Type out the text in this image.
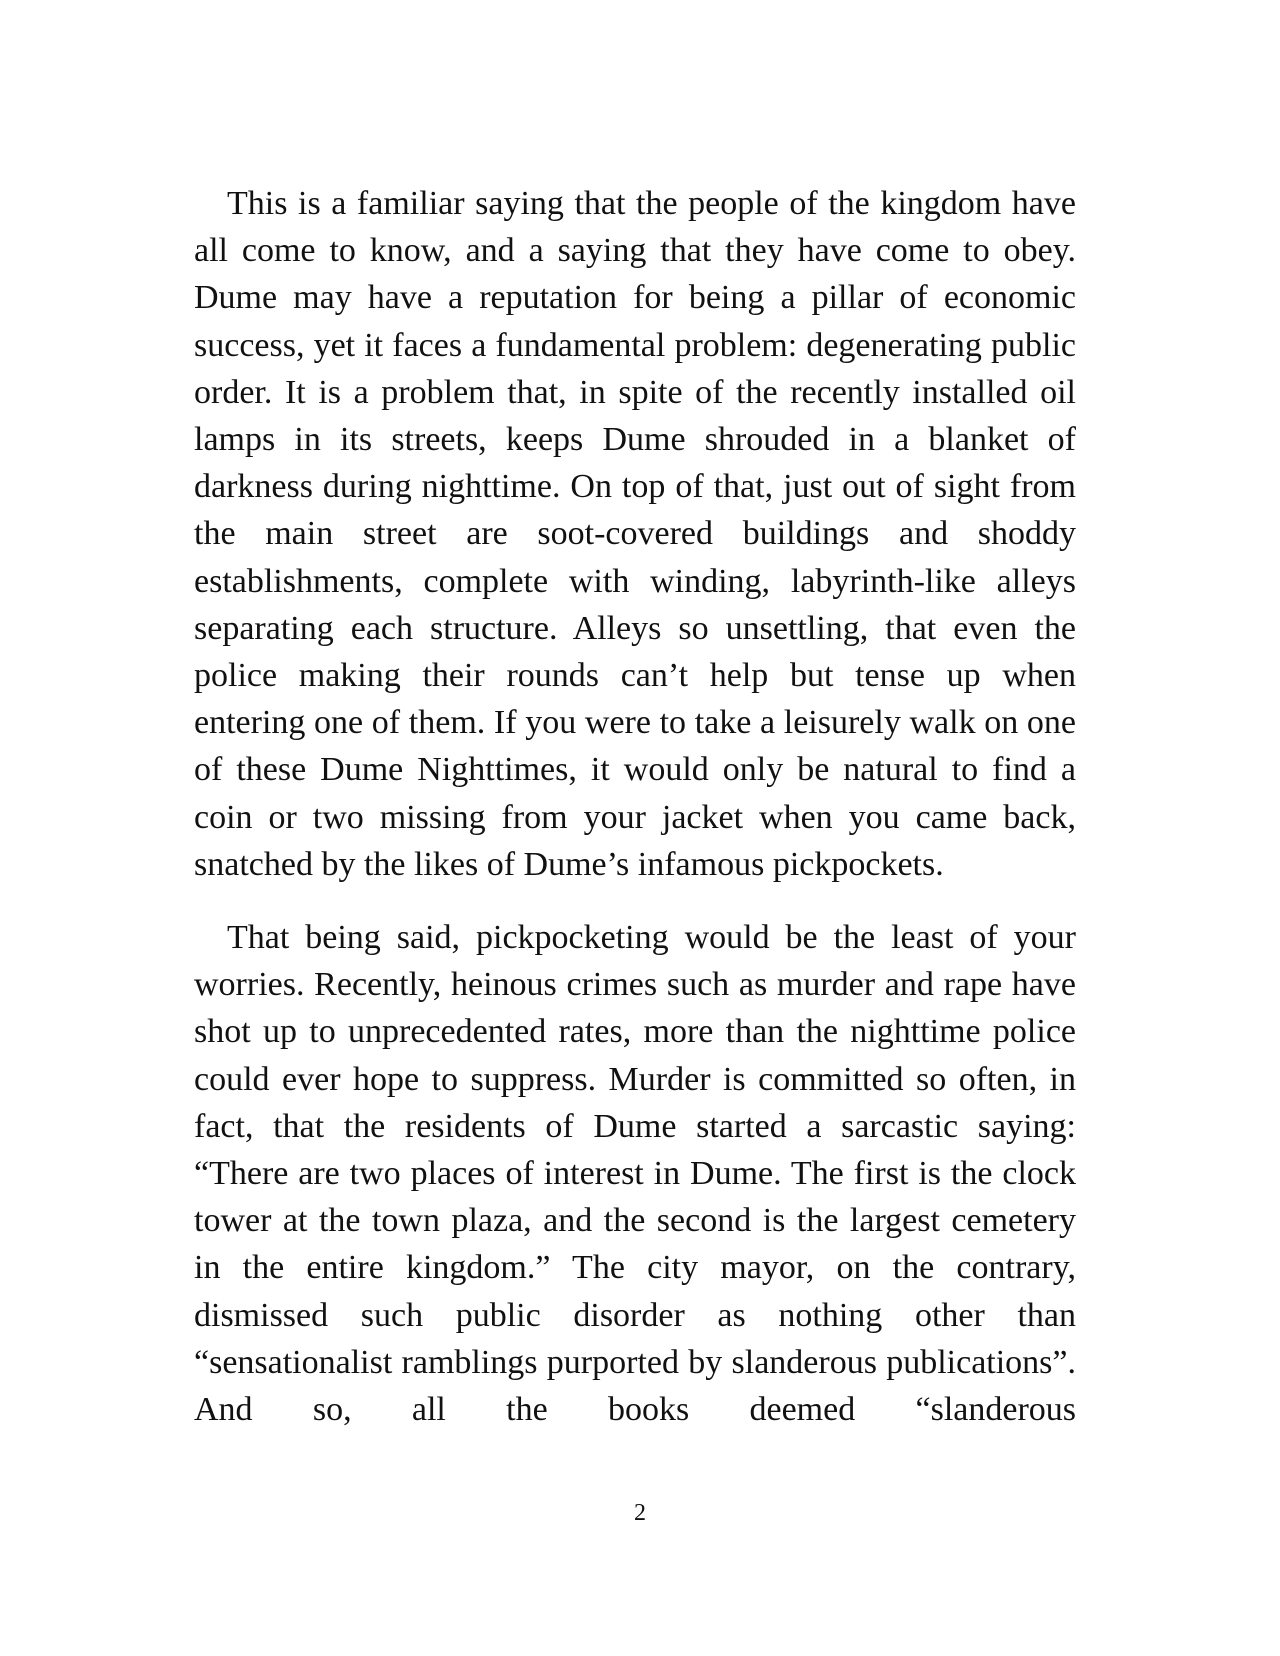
This is a familiar saying that the people of the kingdom have all come to know, and a saying that they have come to obey. Dume may have a reputation for being a pillar of economic success, yet it faces a fundamental problem: degenerating public order. It is a problem that, in spite of the recently installed oil lamps in its streets, keeps Dume shrouded in a blanket of darkness during nighttime. On top of that, just out of sight from the main street are soot-covered buildings and shoddy establishments, complete with winding, labyrinth-like alleys separating each structure. Alleys so unsettling, that even the police making their rounds can’t help but tense up when entering one of them. If you were to take a leisurely walk on one of these Dume Nighttimes, it would only be natural to find a coin or two missing from your jacket when you came back, snatched by the likes of Dume’s infamous pickpockets.

That being said, pickpocketing would be the least of your worries. Recently, heinous crimes such as murder and rape have shot up to unprecedented rates, more than the nighttime police could ever hope to suppress. Murder is committed so often, in fact, that the residents of Dume started a sarcastic saying: “There are two places of interest in Dume. The first is the clock tower at the town plaza, and the second is the largest cemetery in the entire kingdom.” The city mayor, on the contrary, dismissed such public disorder as nothing other than “sensationalist ramblings purported by slanderous publications”. And so, all the books deemed “slanderous

2
